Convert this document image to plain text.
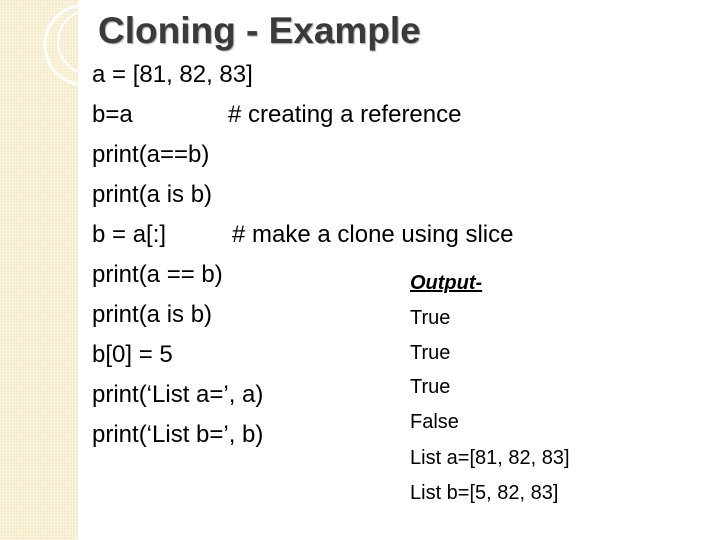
Cloning - Example
a = [81, 82, 83]
b=a	# creating a reference
print(a==b)
print(a is b)
b = a[:]	# make a clone using slice
print(a == b)
print(a is b)
b[0] = 5
print(‘List a=’, a)
print(‘List b=’, b)
Output-
True
True
True
False
List a=[81, 82, 83]
List b=[5, 82, 83]
